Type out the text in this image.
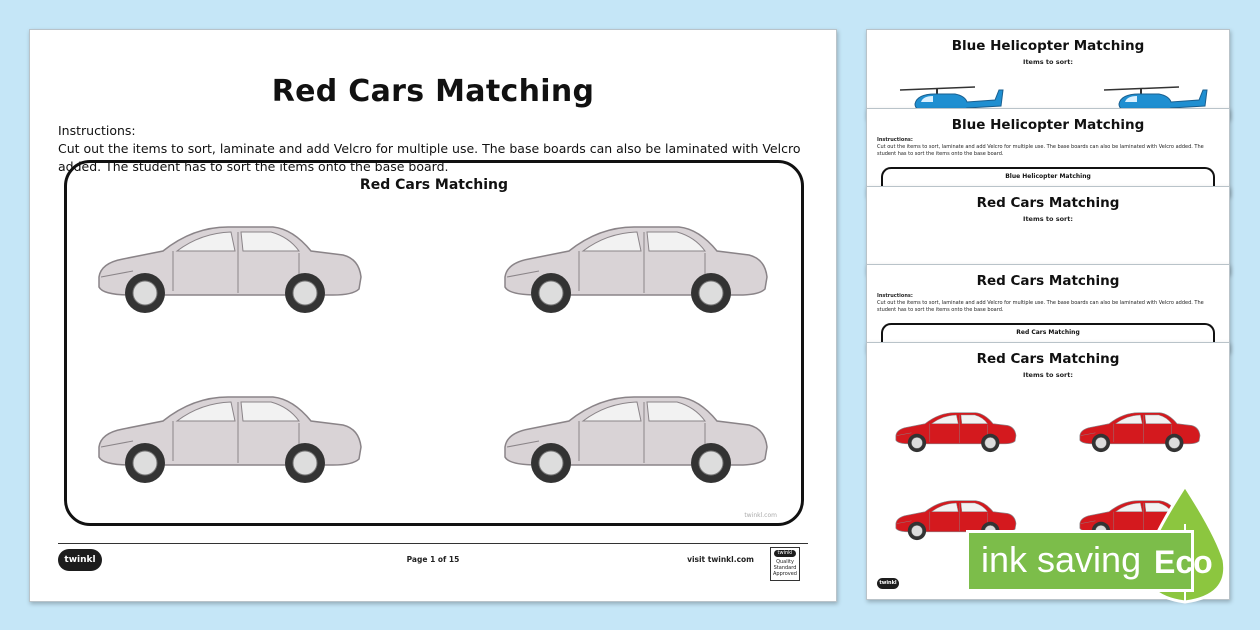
Red Cars Matching
Instructions:
Cut out the items to sort, laminate and add Velcro for multiple use. The base boards can also be laminated with Velcro added. The student has to sort the items onto the base board.
Red Cars Matching
twinkl.com
twinkl	Page 1 of 15	visit twinkl.com
twinkl
Quality Standard Approved
Blue Helicopter Matching
Items to sort:
Blue Helicopter Matching
Instructions:
Cut out the items to sort, laminate and add Velcro for multiple use. The base boards can also be laminated with Velcro added. The student has to sort the items onto the base board.
Blue Helicopter Matching
Red Cars Matching
Items to sort:
Red Cars Matching
Instructions:
Cut out the items to sort, laminate and add Velcro for multiple use. The base boards can also be laminated with Velcro added. The student has to sort the items onto the base board.
Red Cars Matching
Red Cars Matching
Items to sort:
twinkl
ink saving Eco
